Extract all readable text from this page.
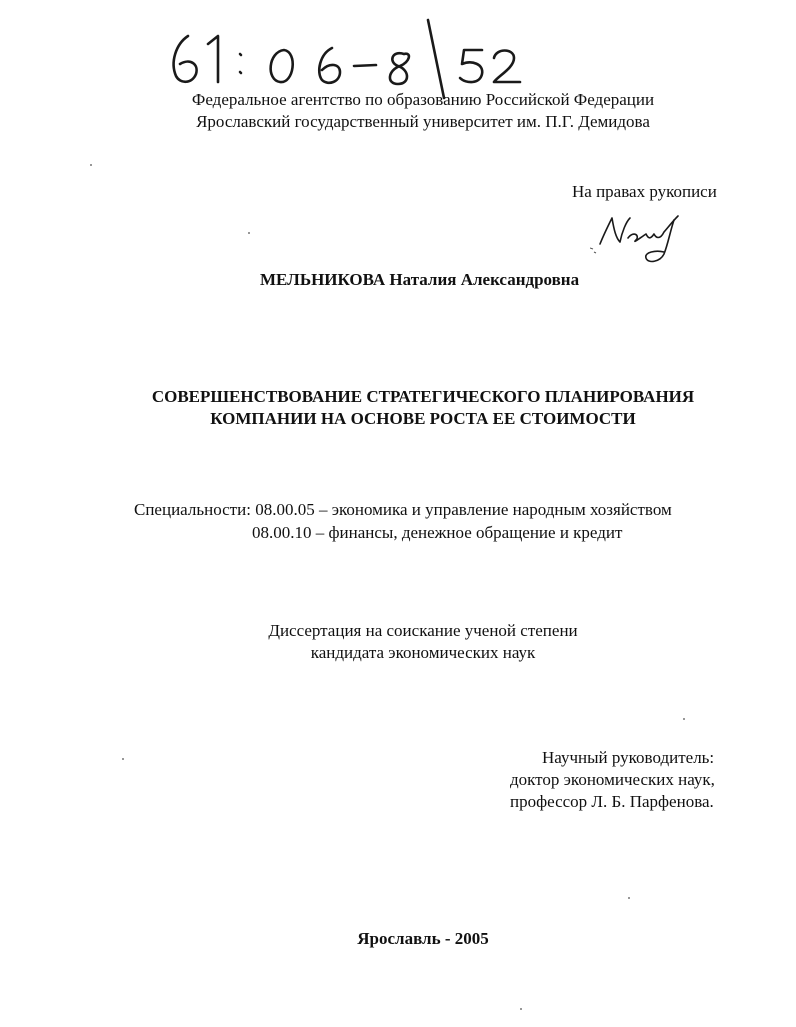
Федеральное агентство по образованию Российской Федерации
Ярославский государственный университет им. П.Г. Демидова
На правах рукописи
МЕЛЬНИКОВА Наталия Александровна
СОВЕРШЕНСТВОВАНИЕ СТРАТЕГИЧЕСКОГО ПЛАНИРОВАНИЯ
КОМПАНИИ НА ОСНОВЕ РОСТА ЕЕ СТОИМОСТИ
Специальности: 08.00.05 – экономика и управление народным хозяйством
08.00.10 – финансы, денежное обращение и кредит
Диссертация на соискание ученой степени
кандидата экономических наук
Научный руководитель:
доктор экономических наук,
профессор Л. Б. Парфенова.
Ярославль - 2005
